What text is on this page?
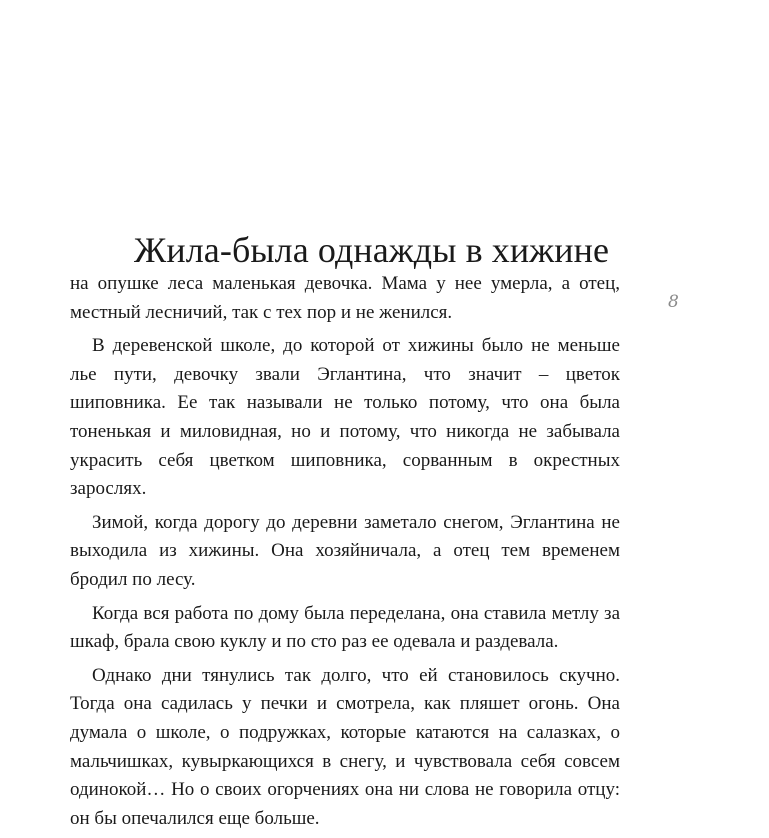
Жила-была однажды в хижине

на опушке леса маленькая девочка. Мама у нее умерла, а отец, местный лесничий, так с тех пор и не женился.

В деревенской школе, до которой от хижины было не меньше лье пути, девочку звали Эглантина, что значит – цветок шиповника. Ее так называли не только потому, что она была тоненькая и миловидная, но и потому, что никогда не забывала украсить себя цветком шиповника, сорванным в окрестных зарослях.

Зимой, когда дорогу до деревни заметало снегом, Эглантина не выходила из хижины. Она хозяйничала, а отец тем временем бродил по лесу.

Когда вся работа по дому была переделана, она ставила метлу за шкаф, брала свою куклу и по сто раз ее одевала и раздевала.

Однако дни тянулись так долго, что ей становилось скучно. Тогда она садилась у печки и смотрела, как пляшет огонь. Она думала о школе, о подружках, которые катаются на салазках, о мальчишках, кувыркающихся в снегу, и чувствовала себя совсем одинокой… Но о своих огорчениях она ни слова не говорила отцу: он бы опечалился еще больше.

8
